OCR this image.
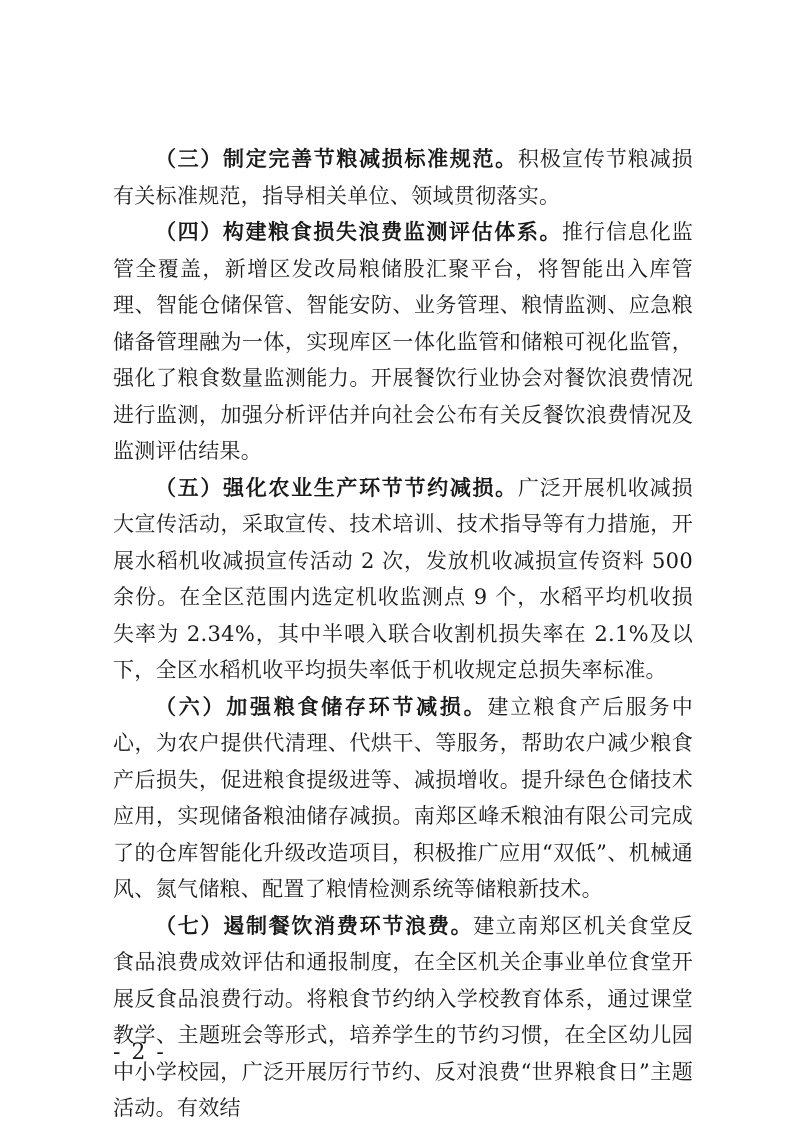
（三）制定完善节粮减损标准规范。积极宣传节粮减损有关标准规范，指导相关单位、领域贯彻落实。

（四）构建粮食损失浪费监测评估体系。推行信息化监管全覆盖，新增区发改局粮储股汇聚平台，将智能出入库管理、智能仓储保管、智能安防、业务管理、粮情监测、应急粮储备管理融为一体，实现库区一体化监管和储粮可视化监管，强化了粮食数量监测能力。开展餐饮行业协会对餐饮浪费情况进行监测，加强分析评估并向社会公布有关反餐饮浪费情况及监测评估结果。

（五）强化农业生产环节节约减损。广泛开展机收减损大宣传活动，采取宣传、技术培训、技术指导等有力措施，开展水稻机收减损宣传活动 2 次，发放机收减损宣传资料 500 余份。在全区范围内选定机收监测点 9 个，水稻平均机收损失率为 2.34%，其中半喂入联合收割机损失率在 2.1%及以下，全区水稻机收平均损失率低于机收规定总损失率标准。

（六）加强粮食储存环节减损。建立粮食产后服务中心，为农户提供代清理、代烘干、等服务，帮助农户减少粮食产后损失，促进粮食提级进等、减损增收。提升绿色仓储技术应用，实现储备粮油储存减损。南郑区峰禾粮油有限公司完成了的仓库智能化升级改造项目，积极推广应用“双低”、机械通风、氮气储粮、配置了粮情检测系统等储粮新技术。

（七）遏制餐饮消费环节浪费。建立南郑区机关食堂反食品浪费成效评估和通报制度，在全区机关企事业单位食堂开展反食品浪费行动。将粮食节约纳入学校教育体系，通过课堂教学、主题班会等形式，培养学生的节约习惯，在全区幼儿园中小学校园，广泛开展厉行节约、反对浪费“世界粮食日”主题活动。有效结

- 2 -
